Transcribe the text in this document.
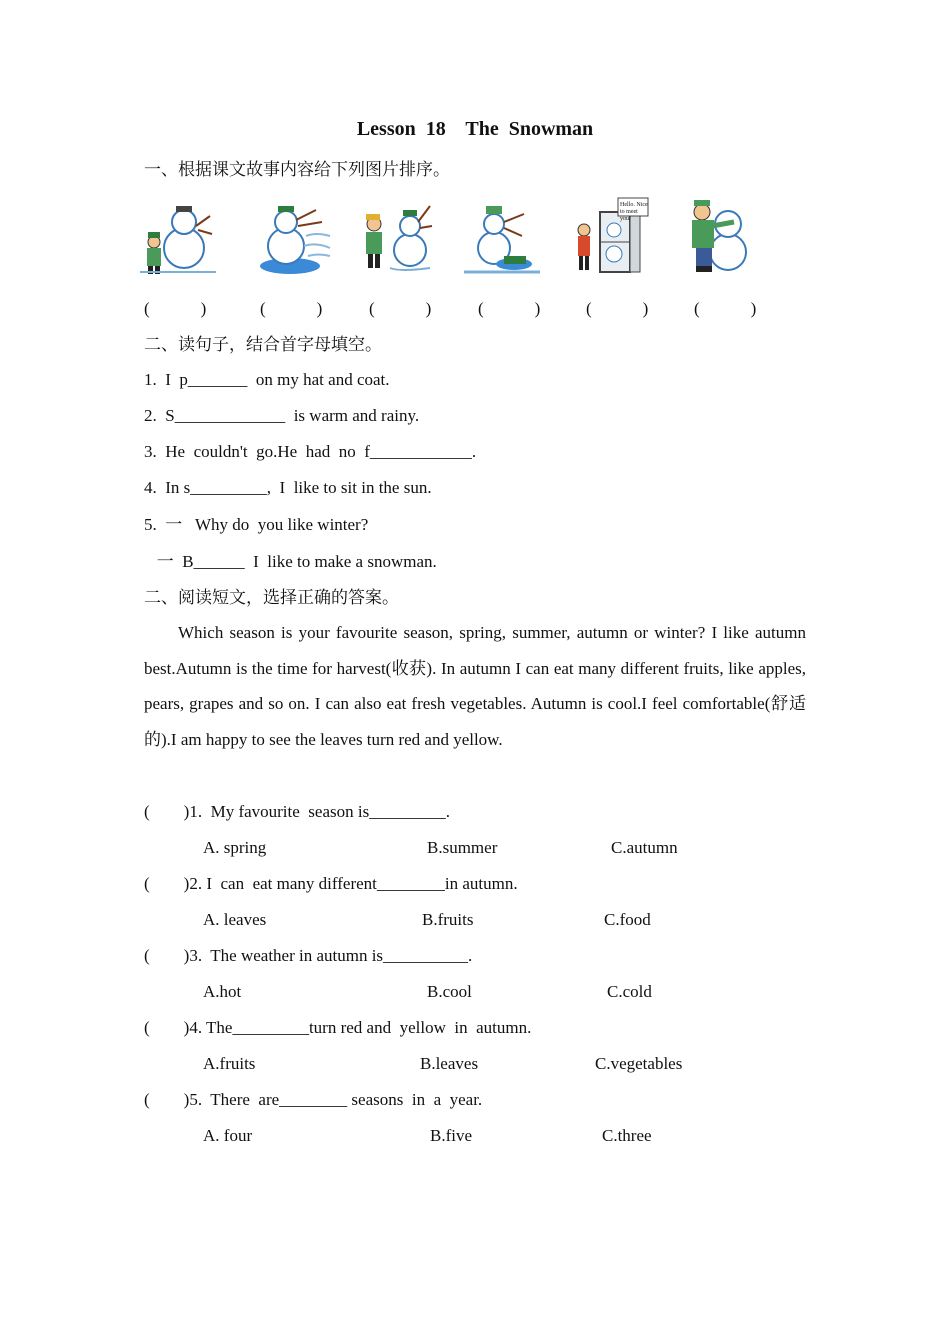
Lesson  18    The  Snowman
一、根据课文故事内容给下列图片排序。
Hello. Nice to meet you!
(            )	(            )	(            )	(            )	(            )	(            )
二、读句子，结合首字母填空。
1.  I  p_______  on my hat and coat.
2.  S_____________  is warm and rainy.
3.  He  couldn't  go.He  had  no  f____________.
4.  In s_________,  I  like to sit in the sun.
5.  一   Why do  you like winter?
一  B______  I  like to make a snowman.
二、阅读短文，选择正确的答案。
Which season is your favourite season, spring, summer, autumn or winter? I like autumn best.Autumn is the time for harvest(收获). In autumn I can eat many different fruits, like apples, pears, grapes and so on. I can also eat fresh vegetables. Autumn is cool.I feel comfortable(舒适的).I am happy to see the leaves turn red and yellow.
(        )1.  My favourite  season is_________.
A. spring	B.summer	C.autumn
(        )2. I  can  eat many different________in autumn.
A. leaves	B.fruits	C.food
(        )3.  The weather in autumn is__________.
A.hot	B.cool	C.cold
(        )4. The_________turn red and  yellow  in  autumn.
A.fruits	B.leaves	C.vegetables
(        )5.  There  are________ seasons  in  a  year.
A. four	B.five	C.three
